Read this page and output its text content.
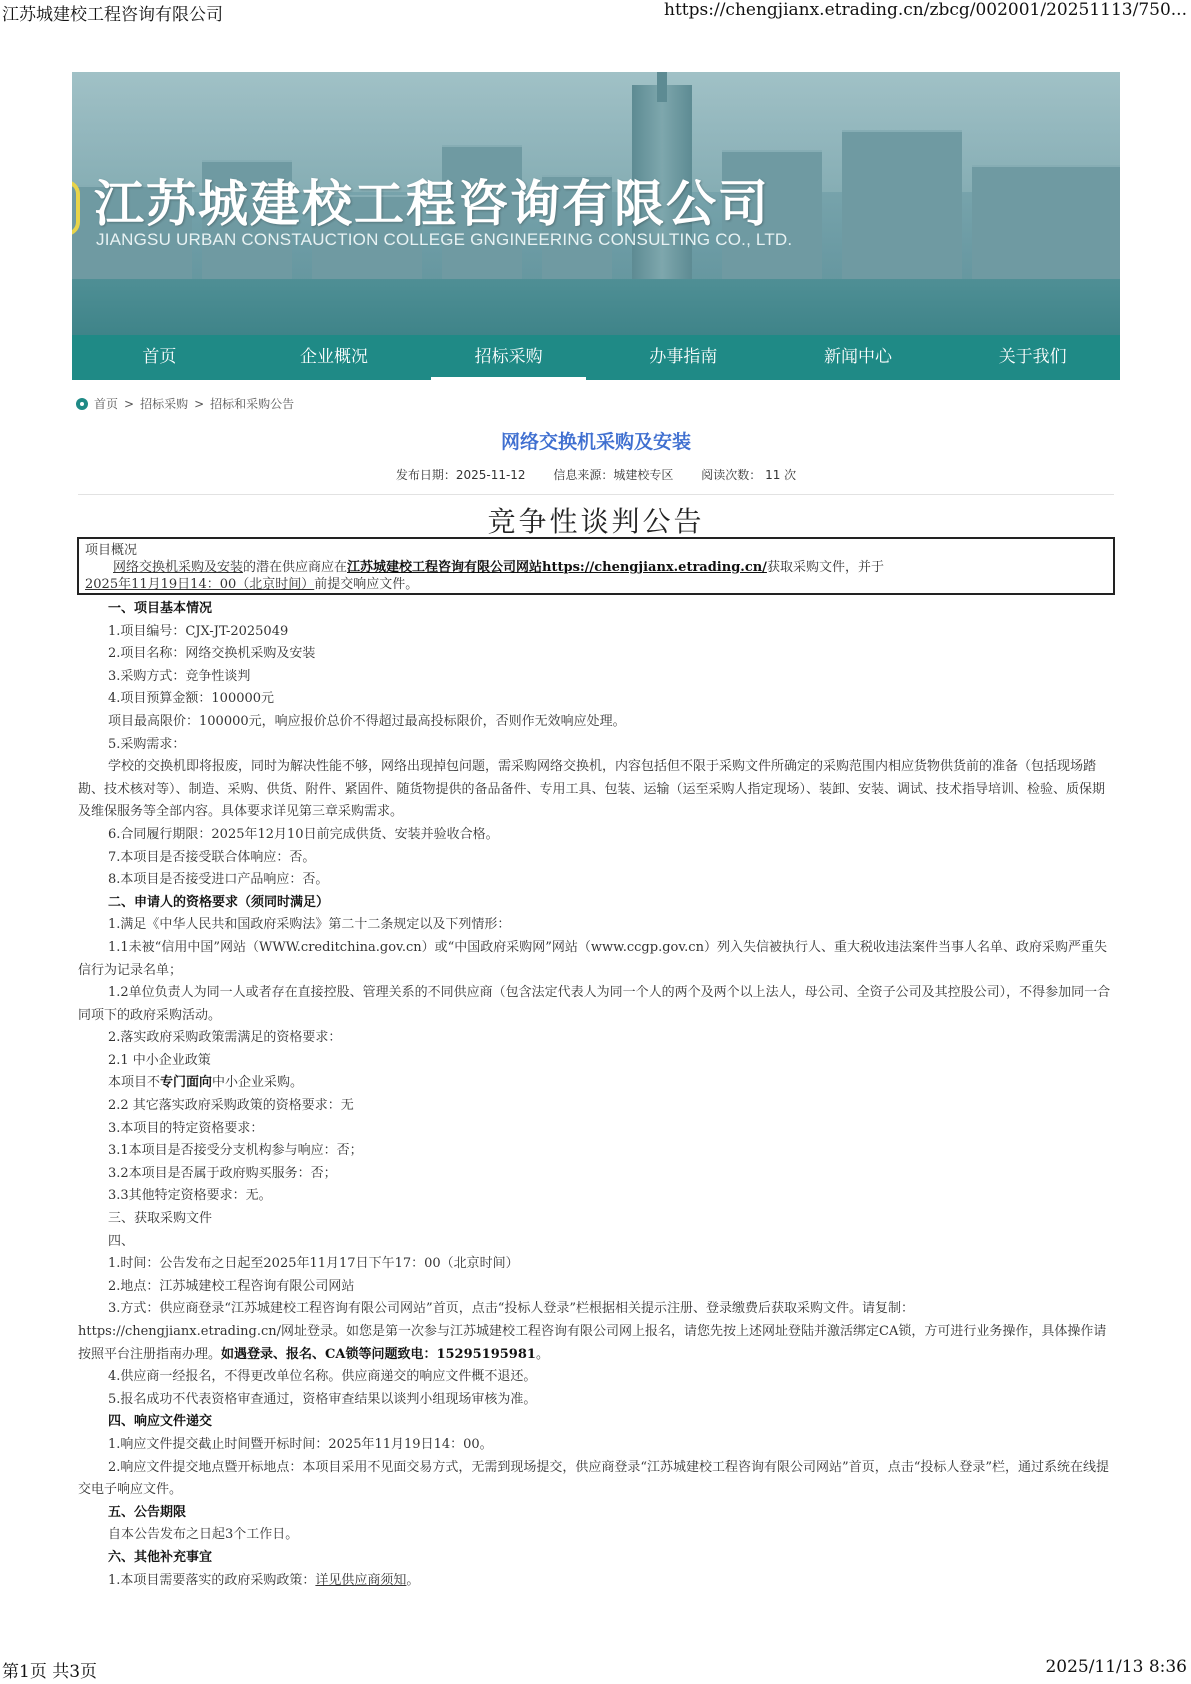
江苏城建校工程咨询有限公司	https://chengjianx.etrading.cn/zbcg/002001/20251113/750...
江苏城建校工程咨询有限公司
JIANGSU URBAN CONSTAUCTION COLLEGE GNGINEERING CONSULTING CO., LTD.
首页	企业概况	招标采购	办事指南	新闻中心	关于我们
首页 > 招标采购 > 招标和采购公告
网络交换机采购及安装
发布日期：2025-11-12 信息来源：城建校专区 阅读次数： 11 次
竞争性谈判公告
项目概况
网络交换机采购及安装的潜在供应商应在江苏城建校工程咨询有限公司网站https://chengjianx.etrading.cn/获取采购文件，并于2025年11月19日14：00（北京时间）前提交响应文件。

一、项目基本情况

1.项目编号：CJX-JT-2025049

2.项目名称：网络交换机采购及安装

3.采购方式：竞争性谈判

4.项目预算金额：100000元

项目最高限价：100000元，响应报价总价不得超过最高投标限价，否则作无效响应处理。

5.采购需求：

学校的交换机即将报废，同时为解决性能不够，网络出现掉包问题，需采购网络交换机，内容包括但不限于采购文件所确定的采购范围内相应货物供货前的准备（包括现场踏勘、技术核对等）、制造、采购、供货、附件、紧固件、随货物提供的备品备件、专用工具、包装、运输（运至采购人指定现场）、装卸、安装、调试、技术指导培训、检验、质保期及维保服务等全部内容。具体要求详见第三章采购需求。

6.合同履行期限：2025年12月10日前完成供货、安装并验收合格。

7.本项目是否接受联合体响应：否。

8.本项目是否接受进口产品响应：否。

二、申请人的资格要求（须同时满足）

1.满足《中华人民共和国政府采购法》第二十二条规定以及下列情形：

1.1未被“信用中国”网站（WWW.creditchina.gov.cn）或“中国政府采购网”网站（www.ccgp.gov.cn）列入失信被执行人、重大税收违法案件当事人名单、政府采购严重失信行为记录名单；

1.2单位负责人为同一人或者存在直接控股、管理关系的不同供应商（包含法定代表人为同一个人的两个及两个以上法人，母公司、全资子公司及其控股公司），不得参加同一合同项下的政府采购活动。

2.落实政府采购政策需满足的资格要求：

2.1 中小企业政策

本项目不专门面向中小企业采购。

2.2 其它落实政府采购政策的资格要求：无

3.本项目的特定资格要求：

3.1本项目是否接受分支机构参与响应：否；

3.2本项目是否属于政府购买服务：否；

3.3其他特定资格要求：无。

三、获取采购文件

四、

1.时间：公告发布之日起至2025年11月17日下午17：00（北京时间）

2.地点：江苏城建校工程咨询有限公司网站

3.方式：供应商登录“江苏城建校工程咨询有限公司网站”首页，点击“投标人登录”栏根据相关提示注册、登录缴费后获取采购文件。请复制：https://chengjianx.etrading.cn/网址登录。如您是第一次参与江苏城建校工程咨询有限公司网上报名，请您先按上述网址登陆并激活绑定CA锁，方可进行业务操作，具体操作请按照平台注册指南办理。如遇登录、报名、CA锁等问题致电：15295195981。

4.供应商一经报名，不得更改单位名称。供应商递交的响应文件概不退还。

5.报名成功不代表资格审查通过，资格审查结果以谈判小组现场审核为准。

四、响应文件递交

1.响应文件提交截止时间暨开标时间：2025年11月19日14：00。

2.响应文件提交地点暨开标地点：本项目采用不见面交易方式，无需到现场提交，供应商登录“江苏城建校工程咨询有限公司网站”首页，点击“投标人登录”栏，通过系统在线提交电子响应文件。

五、公告期限

自本公告发布之日起3个工作日。

六、其他补充事宜

1.本项目需要落实的政府采购政策：详见供应商须知。

第1页 共3页	2025/11/13 8:36
